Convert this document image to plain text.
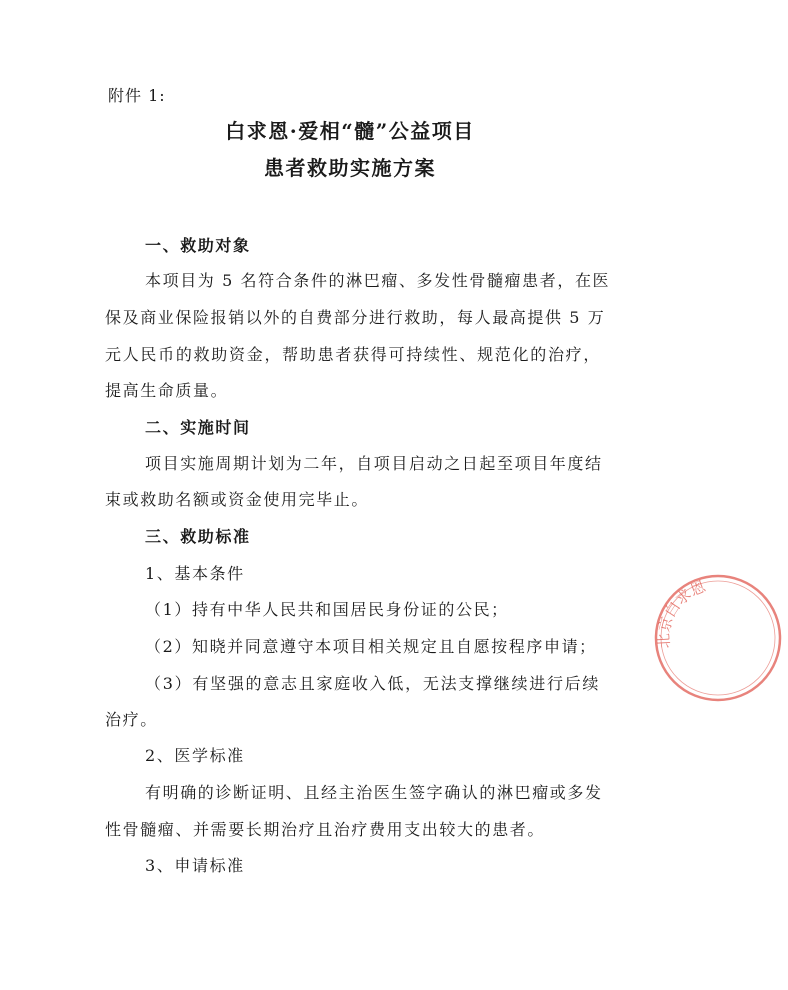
附件 1:
白求恩·爱相“髓”公益项目
患者救助实施方案
一、救助对象
本项目为 5 名符合条件的淋巴瘤、多发性骨髓瘤患者，在医
保及商业保险报销以外的自费部分进行救助，每人最高提供 5 万
元人民币的救助资金，帮助患者获得可持续性、规范化的治疗，
提高生命质量。
二、实施时间
项目实施周期计划为二年，自项目启动之日起至项目年度结
束或救助名额或资金使用完毕止。
三、救助标准
1、基本条件
（1）持有中华人民共和国居民身份证的公民；
（2）知晓并同意遵守本项目相关规定且自愿按程序申请；
（3）有坚强的意志且家庭收入低，无法支撑继续进行后续
治疗。
2、医学标准
有明确的诊断证明、且经主治医生签字确认的淋巴瘤或多发
性骨髓瘤、并需要长期治疗且治疗费用支出较大的患者。
3、申请标准
北京白求恩
